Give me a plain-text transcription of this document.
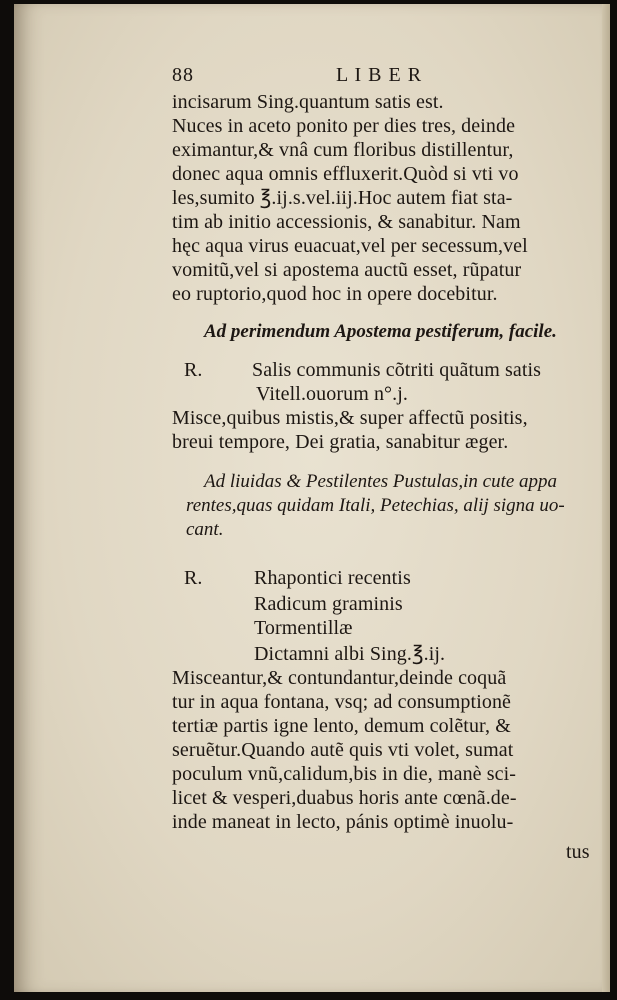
88	L I B E R
incisarum Sing.quantum satis est.
Nuces in aceto ponito per dies tres, deinde
eximantur,& vnâ cum floribus distillentur,
donec aqua omnis effluxerit.Quòd si vti vo
les,sumito ℥.ij.s.vel.iij.Hoc autem fiat sta-
tim ab initio accessionis, & sanabitur. Nam
hęc aqua virus euacuat,vel per secessum,vel
vomitũ,vel si apostema auctũ esset, rũpatur
eo ruptorio,quod hoc in opere docebitur.
Ad perimendum Apostema pestiferum, facile.
R. Salis communis cõtriti quãtum satis
Vitell.ouorum n°.j.
Misce,quibus mistis,& super affectũ positis,
breui tempore, Dei gratia, sanabitur æger.
Ad liuidas & Pestilentes Pustulas,in cute appa
rentes,quas quidam Itali, Petechias, alij signa uo-
cant.
R.	Rhapontici recentis
Radicum graminis
Tormentillæ
Dictamni albi Sing.℥.ij.
Misceantur,& contundantur,deinde coquã
tur in aqua fontana, vsq; ad consumptionẽ
tertiæ partis igne lento, demum colẽtur, &
seruẽtur.Quando autẽ quis vti volet, sumat
poculum vnũ,calidum,bis in die, manè sci-
licet & vesperi,duabus horis ante cœnã.de-
inde maneat in lecto, pánis optimè inuolu-
tus
